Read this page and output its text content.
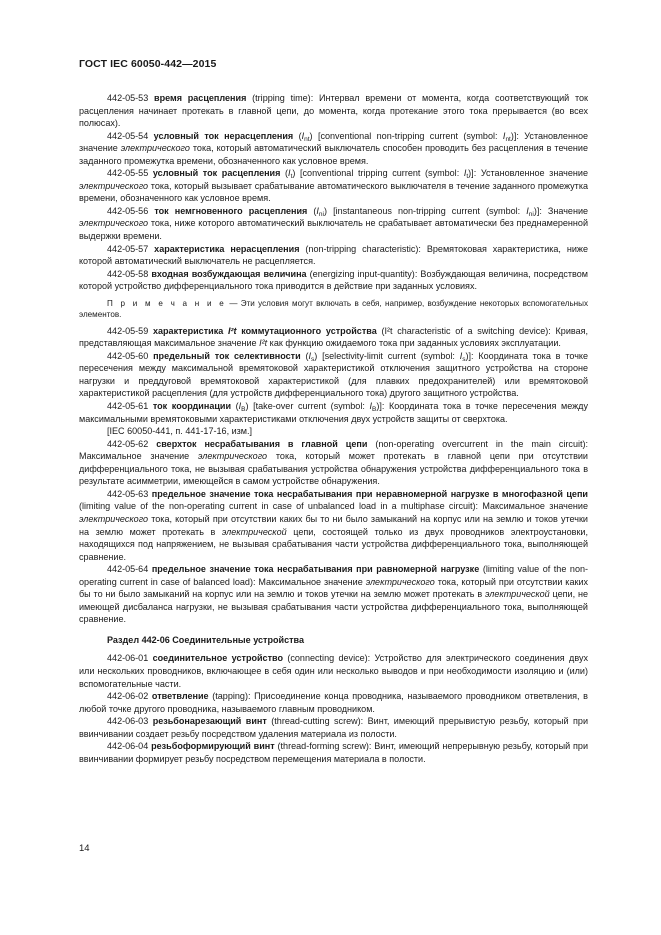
ГОСТ IEC 60050-442—2015

442-05-53 время расцепления (tripping time): Интервал времени от момента, когда соответствующий ток расцепления начинает протекать в главной цепи, до момента, когда протекание этого тока прерывается (во всех полюсах).

442-05-54 условный ток нерасцепления $(I_{nt})$ [conventional non-tripping current (symbol: $I_{nt}$)]: Установленное значение электрического тока, который автоматический выключатель способен проводить без расцепления в течение заданного промежутка времени, обозначенного как условное время.

442-05-55 условный ток расцепления $(I_t)$ [conventional tripping current (symbol: $I_t$)]: Установленное значение электрического тока, который вызывает срабатывание автоматического выключателя в течение заданного промежутка времени, обозначенного как условное время.

442-05-56 ток немгновенного расцепления $(I_{ni})$ [instantaneous non-tripping current (symbol: $I_{ni}$)]: Значение электрического тока, ниже которого автоматический выключатель не срабатывает автоматически без преднамеренной выдержки времени.

442-05-57 характеристика нерасцепления (non-tripping characteristic): Времятоковая характеристика, ниже которой автоматический выключатель не расцепляется.

442-05-58 входная возбуждающая величина (energizing input-quantity): Возбуждающая величина, посредством которой устройство дифференциального тока приводится в действие при заданных условиях.

П р и м е ч а н и е — Эти условия могут включать в себя, например, возбуждение некоторых вспомогательных элементов.

442-05-59 характеристика I²t коммутационного устройства (I²t characteristic of a switching device): Кривая, представляющая максимальное значение I²t как функцию ожидаемого тока при заданных условиях эксплуатации.

442-05-60 предельный ток селективности $(I_s)$ [selectivity-limit current (symbol: $I_s$)]: Координата тока в точке пересечения между максимальной времятоковой характеристикой отключения защитного устройства на стороне нагрузки и преддуговой времятоковой характеристикой (для плавких предохранителей) или времятоковой характеристикой расцепления (для устройств дифференциального тока) другого защитного устройства.

442-05-61 ток координации $(I_B)$ [take-over current (symbol: $I_B$)]: Координата тока в точке пересечения между максимальными времятоковыми характеристиками отключения двух устройств защиты от сверхтока.

[IEC 60050-441, п. 441-17-16, изм.]

442-05-62 сверхток несрабатывания в главной цепи (non-operating overcurrent in the main circuit): Максимальное значение электрического тока, который может протекать в главной цепи при отсутствии дифференциального тока, не вызывая срабатывания устройства обнаружения устройства дифференциального тока в результате асимметрии, имеющейся в самом устройстве обнаружения.

442-05-63 предельное значение тока несрабатывания при неравномерной нагрузке в многофазной цепи (limiting value of the non-operating current in case of unbalanced load in a multiphase circuit): Максимальное значение электрического тока, который при отсутствии каких бы то ни было замыканий на корпус или на землю и токов утечки на землю может протекать в электрической цепи, состоящей только из двух проводников электроустановки, находящихся под напряжением, не вызывая срабатывания части устройства дифференциального тока, выполняющей сравнение.

442-05-64 предельное значение тока несрабатывания при равномерной нагрузке (limiting value of the non-operating current in case of balanced load): Максимальное значение электрического тока, который при отсутствии каких бы то ни было замыканий на корпус или на землю и токов утечки на землю может протекать в электрической цепи, не имеющей дисбаланса нагрузки, не вызывая срабатывания части устройства дифференциального тока, выполняющей сравнение.

Раздел 442-06 Соединительные устройства

442-06-01 соединительное устройство (connecting device): Устройство для электрического соединения двух или нескольких проводников, включающее в себя один или несколько выводов и при необходимости изоляцию и (или) вспомогательные части.

442-06-02 ответвление (tapping): Присоединение конца проводника, называемого проводником ответвления, в любой точке другого проводника, называемого главным проводником.

442-06-03 резьбонарезающий винт (thread-cutting screw): Винт, имеющий прерывистую резьбу, который при ввинчивании создает резьбу посредством удаления материала из полости.

442-06-04 резьбоформирующий винт (thread-forming screw): Винт, имеющий непрерывную резьбу, который при ввинчивании формирует резьбу посредством перемещения материала в полости.

14
